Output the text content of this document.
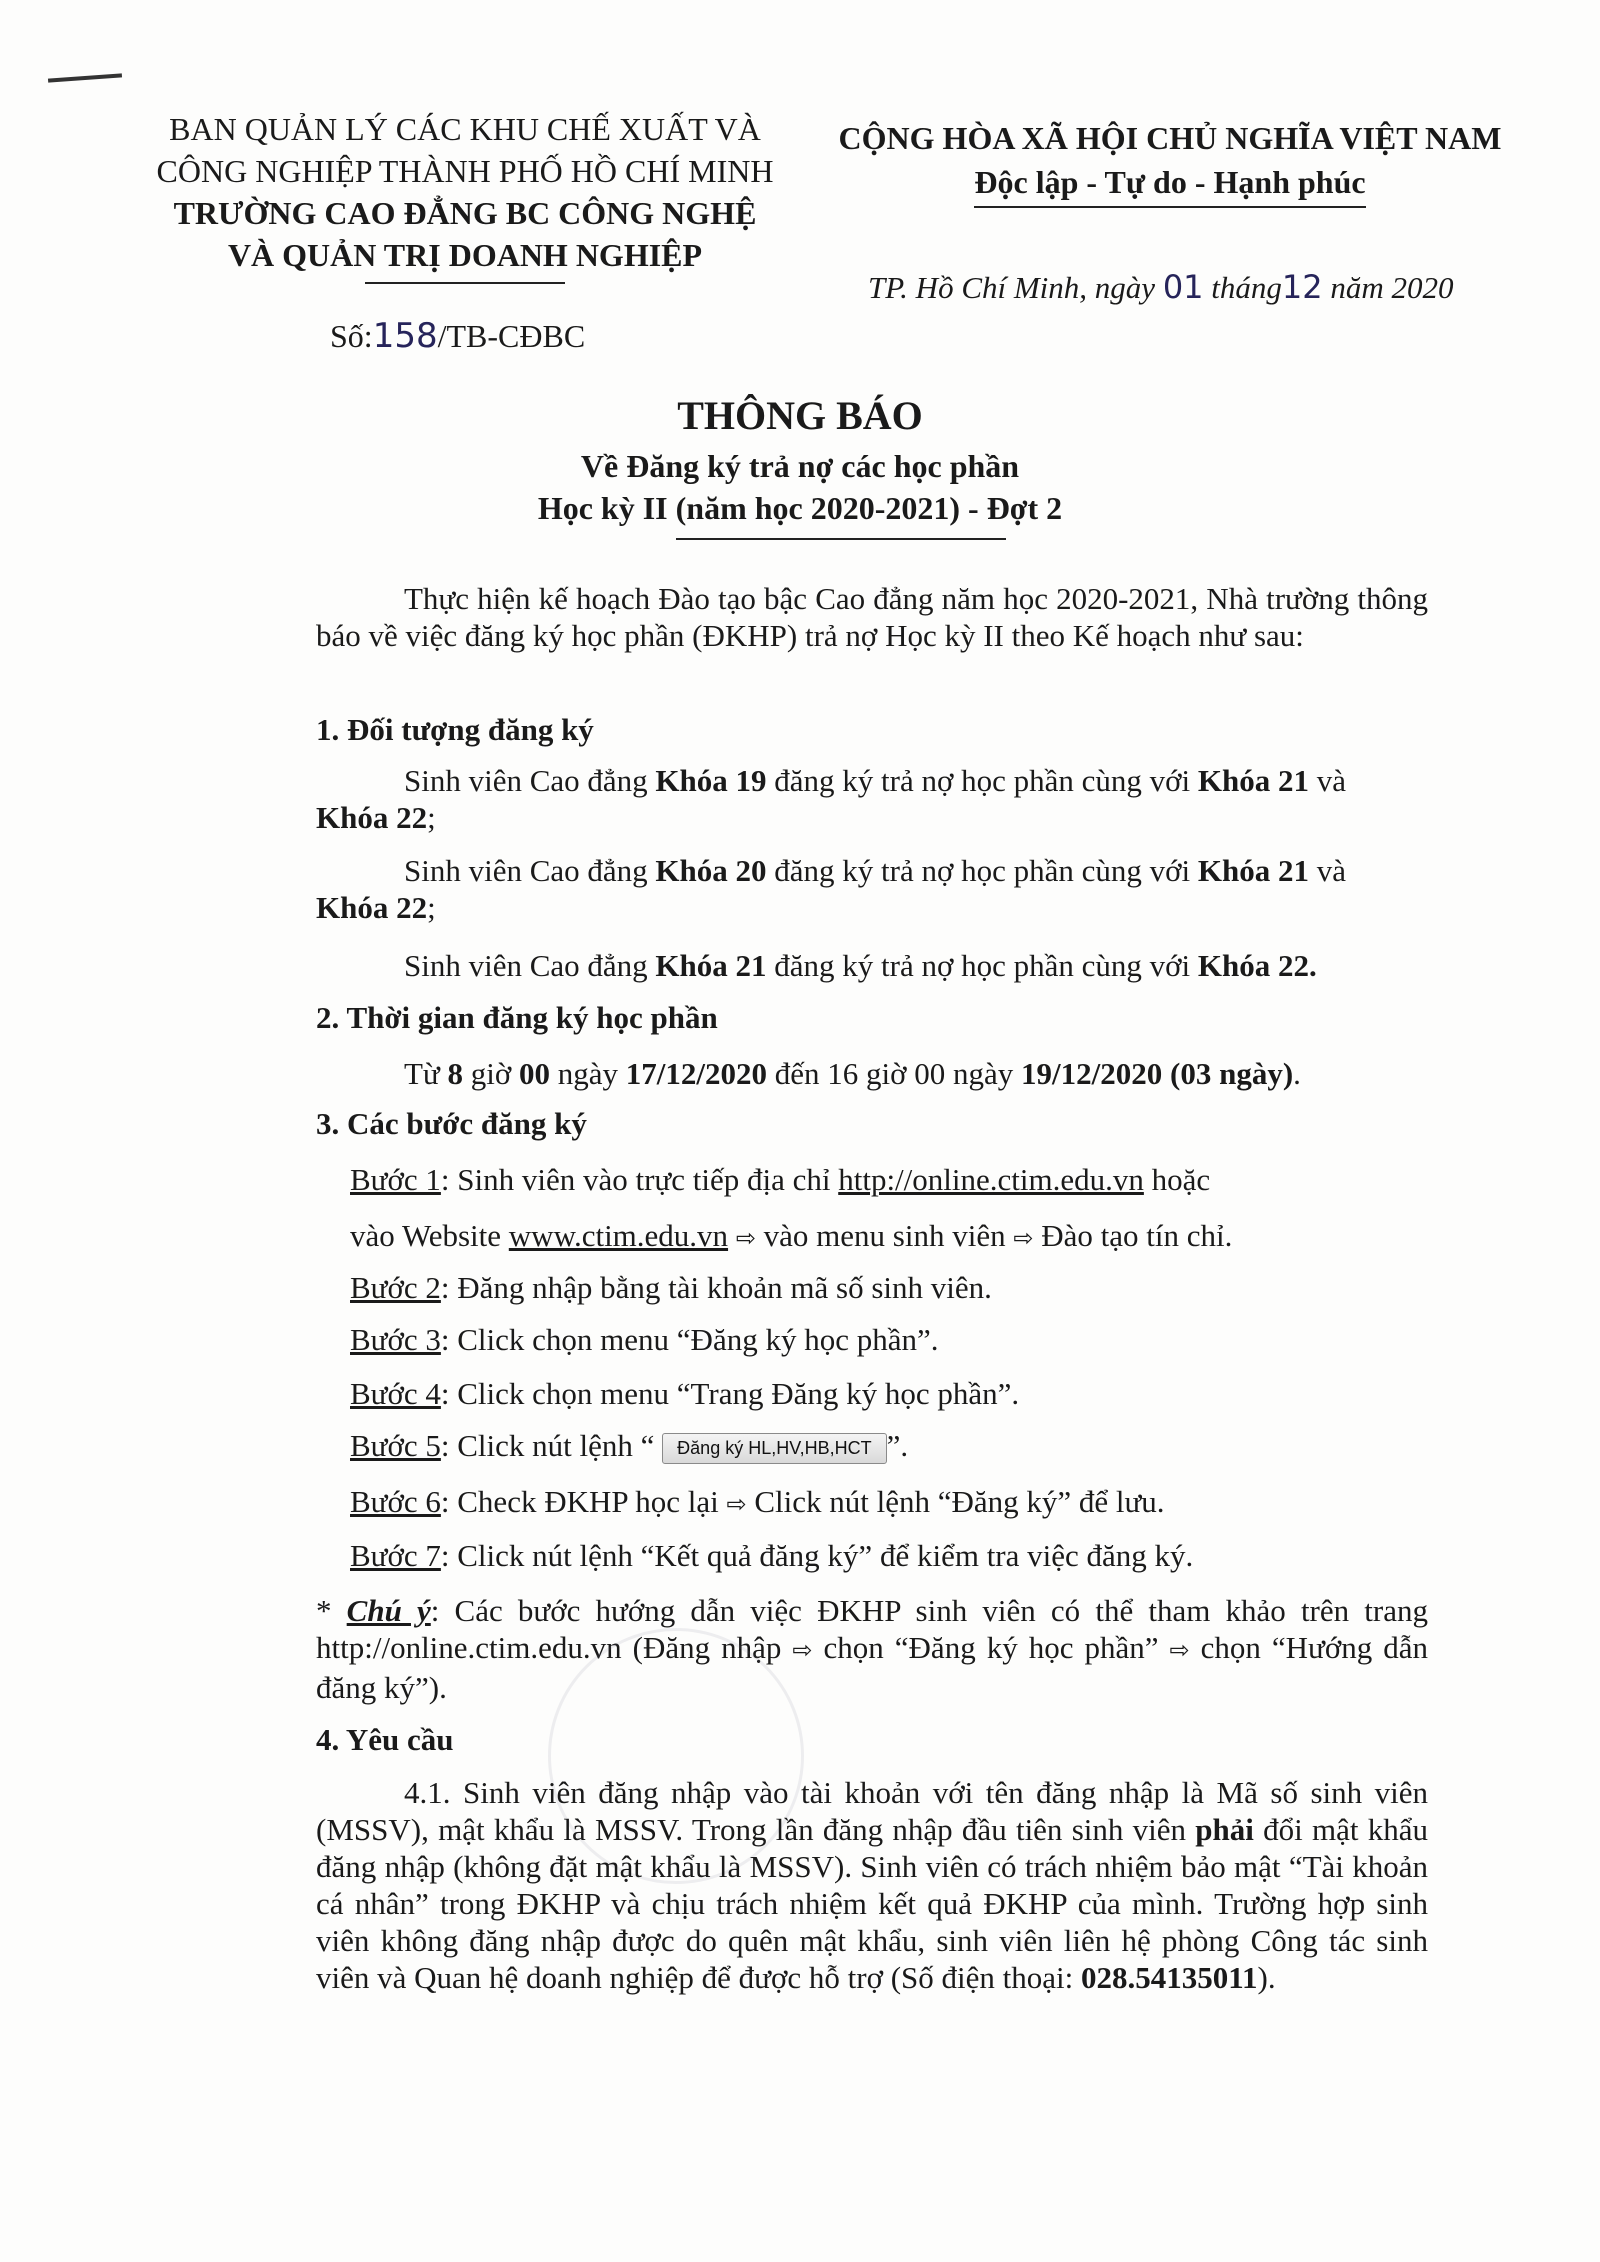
BAN QUẢN LÝ CÁC KHU CHẾ XUẤT VÀ
CÔNG NGHIỆP THÀNH PHỐ HỒ CHÍ MINH
TRƯỜNG CAO ĐẲNG BC CÔNG NGHỆ
VÀ QUẢN TRỊ DOANH NGHIỆP
Số:158/TB-CĐBC
CỘNG HÒA XÃ HỘI CHỦ NGHĨA VIỆT NAM
Độc lập - Tự do - Hạnh phúc
TP. Hồ Chí Minh, ngày 01 tháng12 năm 2020
THÔNG BÁO
Về Đăng ký trả nợ các học phần
Học kỳ II (năm học 2020-2021) - Đợt 2
Thực hiện kế hoạch Đào tạo bậc Cao đẳng năm học 2020-2021, Nhà trường thông báo về việc đăng ký học phần (ĐKHP) trả nợ Học kỳ II theo Kế hoạch như sau:
1. Đối tượng đăng ký
Sinh viên Cao đẳng Khóa 19 đăng ký trả nợ học phần cùng với Khóa 21 và
Khóa 22;
Sinh viên Cao đẳng Khóa 20 đăng ký trả nợ học phần cùng với Khóa 21 và
Khóa 22;
Sinh viên Cao đẳng Khóa 21 đăng ký trả nợ học phần cùng với Khóa 22.
2. Thời gian đăng ký học phần
Từ 8 giờ 00 ngày 17/12/2020 đến 16 giờ 00 ngày 19/12/2020 (03 ngày).
3. Các bước đăng ký
Bước 1: Sinh viên vào trực tiếp địa chỉ http://online.ctim.edu.vn hoặc
vào Website www.ctim.edu.vn ⇨ vào menu sinh viên ⇨ Đào tạo tín chỉ.
Bước 2: Đăng nhập bằng tài khoản mã số sinh viên.
Bước 3: Click chọn menu “Đăng ký học phần”.
Bước 4: Click chọn menu “Trang Đăng ký học phần”.
Bước 5: Click nút lệnh “ Đăng ký HL,HV,HB,HCT ”.
Bước 6: Check ĐKHP học lại ⇨ Click nút lệnh “Đăng ký” để lưu.
Bước 7: Click nút lệnh “Kết quả đăng ký” để kiểm tra việc đăng ký.
* Chú ý: Các bước hướng dẫn việc ĐKHP sinh viên có thể tham khảo trên trang http://online.ctim.edu.vn (Đăng nhập ⇨ chọn “Đăng ký học phần” ⇨ chọn “Hướng dẫn đăng ký”).
4. Yêu cầu
4.1. Sinh viên đăng nhập vào tài khoản với tên đăng nhập là Mã số sinh viên (MSSV), mật khẩu là MSSV. Trong lần đăng nhập đầu tiên sinh viên phải đổi mật khẩu đăng nhập (không đặt mật khẩu là MSSV). Sinh viên có trách nhiệm bảo mật “Tài khoản cá nhân” trong ĐKHP và chịu trách nhiệm kết quả ĐKHP của mình. Trường hợp sinh viên không đăng nhập được do quên mật khẩu, sinh viên liên hệ phòng Công tác sinh viên và Quan hệ doanh nghiệp để được hỗ trợ (Số điện thoại: 028.54135011).
